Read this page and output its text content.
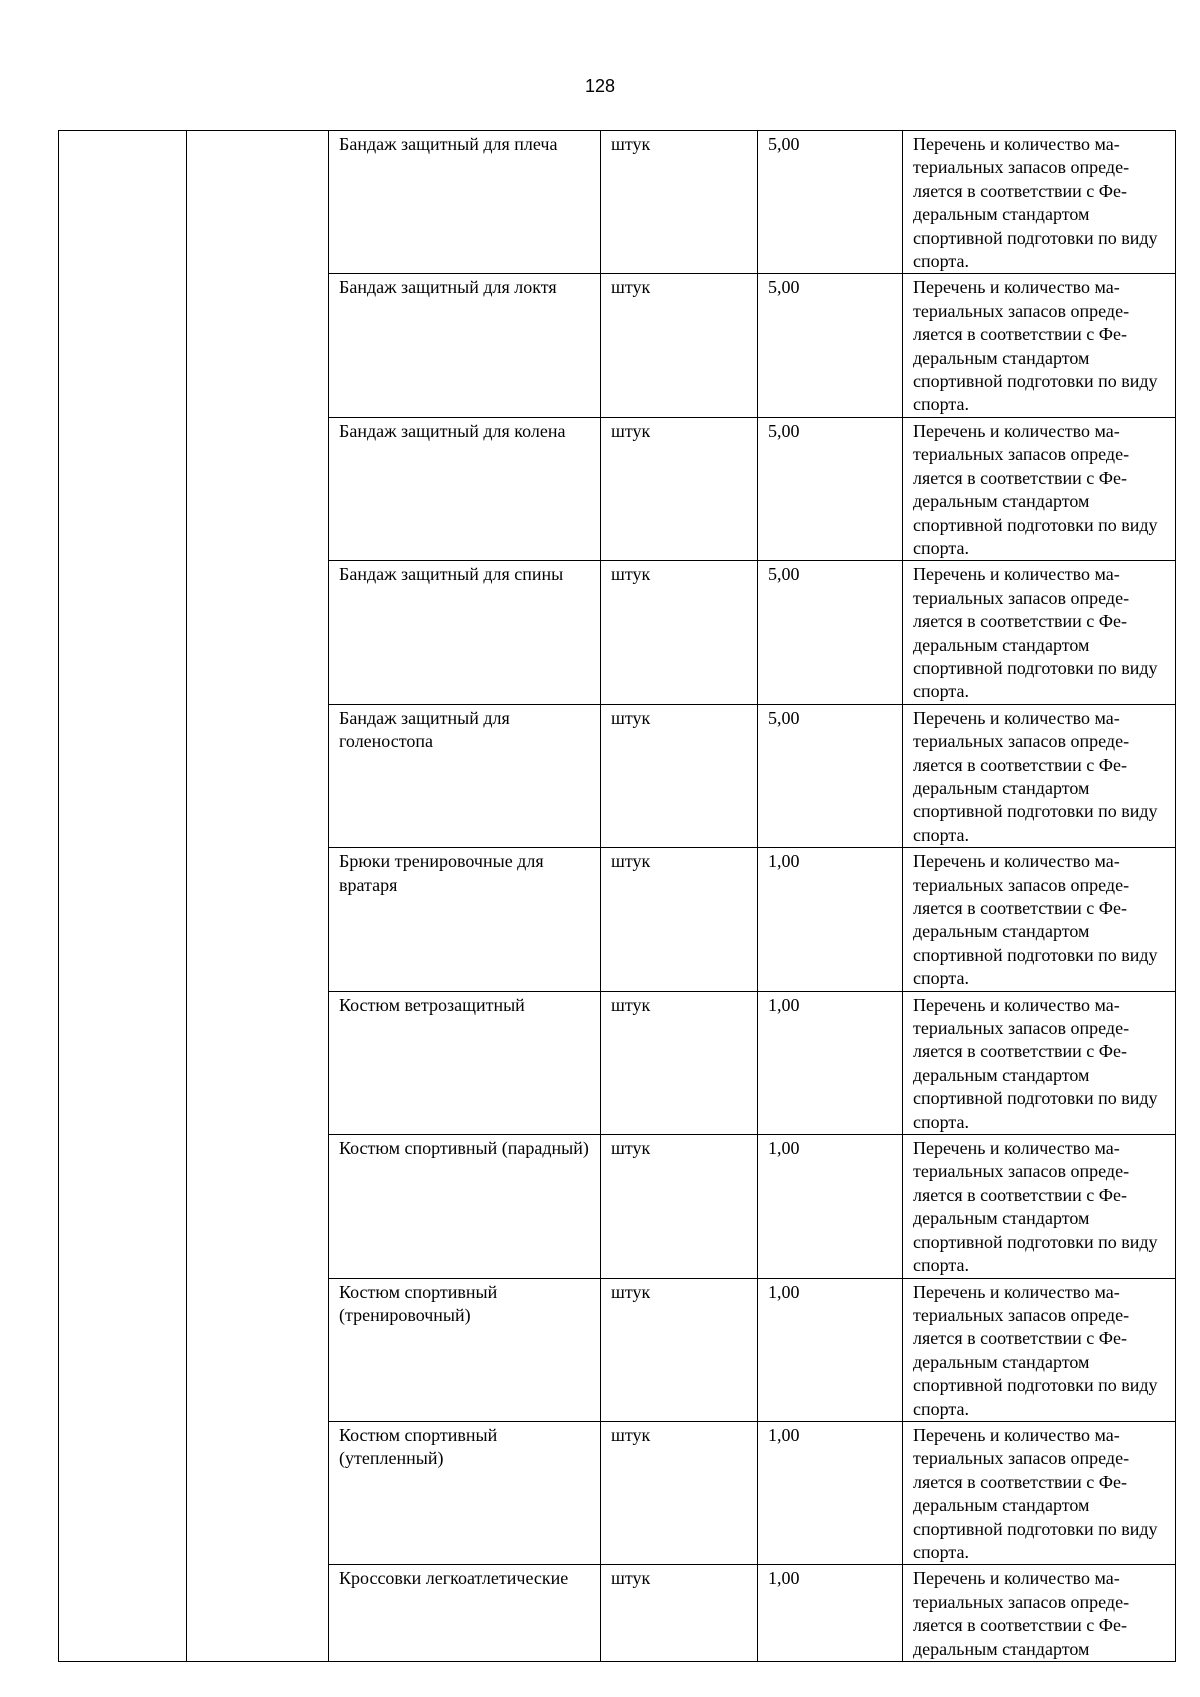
128
		Бандаж защитный для плеча	штук	5,00	Перечень и количество материальных запасов определяется в соответствии с Федеральным стандартом спортивной подготовки по виду спорта.
		Бандаж защитный для локтя	штук	5,00	Перечень и количество материальных запасов определяется в соответствии с Федеральным стандартом спортивной подготовки по виду спорта.
		Бандаж защитный для колена	штук	5,00	Перечень и количество материальных запасов определяется в соответствии с Федеральным стандартом спортивной подготовки по виду спорта.
		Бандаж защитный для спины	штук	5,00	Перечень и количество материальных запасов определяется в соответствии с Федеральным стандартом спортивной подготовки по виду спорта.
		Бандаж защитный для голеностопа	штук	5,00	Перечень и количество материальных запасов определяется в соответствии с Федеральным стандартом спортивной подготовки по виду спорта.
		Брюки тренировочные для вратаря	штук	1,00	Перечень и количество материальных запасов определяется в соответствии с Федеральным стандартом спортивной подготовки по виду спорта.
		Костюм ветрозащитный	штук	1,00	Перечень и количество материальных запасов определяется в соответствии с Федеральным стандартом спортивной подготовки по виду спорта.
		Костюм спортивный (парадный)	штук	1,00	Перечень и количество материальных запасов определяется в соответствии с Федеральным стандартом спортивной подготовки по виду спорта.
		Костюм спортивный (тренировочный)	штук	1,00	Перечень и количество материальных запасов определяется в соответствии с Федеральным стандартом спортивной подготовки по виду спорта.
		Костюм спортивный (утепленный)	штук	1,00	Перечень и количество материальных запасов определяется в соответствии с Федеральным стандартом спортивной подготовки по виду спорта.
		Кроссовки легкоатлетические	штук	1,00	Перечень и количество материальных запасов определяется в соответствии с Федеральным стандартом
